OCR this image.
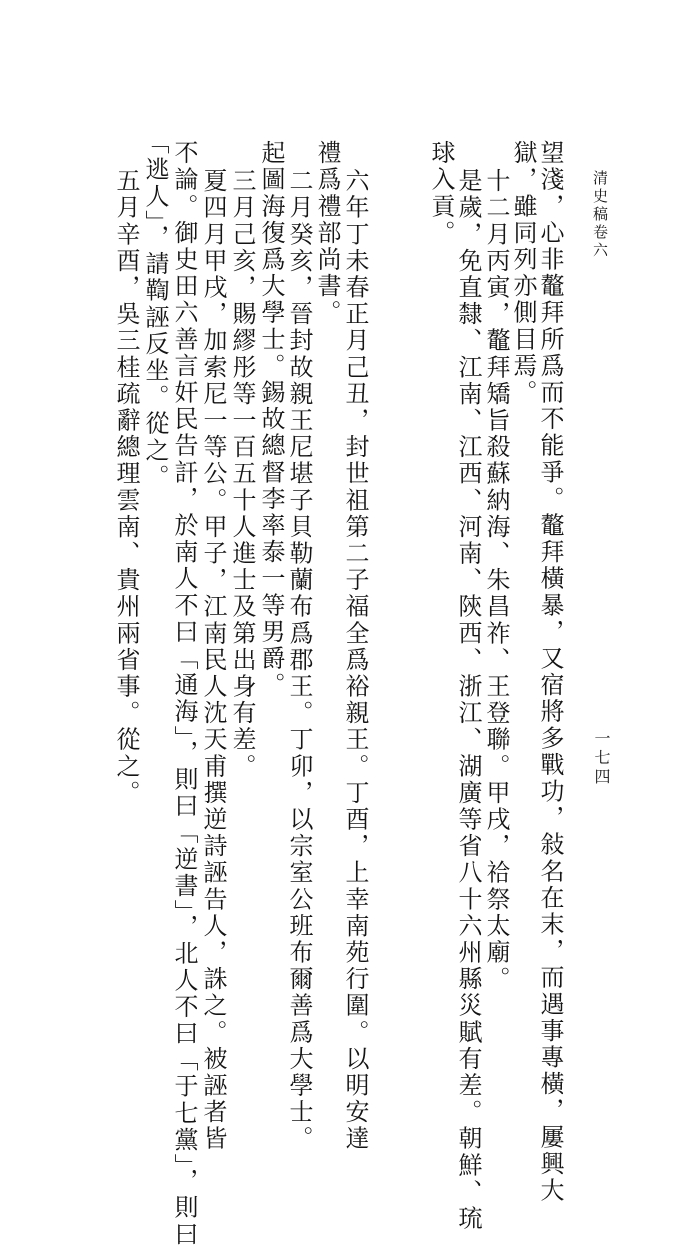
清史稿卷六
一七四
望淺，心非鼇拜所爲而不能爭。鼇拜橫暴，又宿將多戰功，敍名在末，而遇事專橫，屢興大
獄，雖同列亦側目焉。
十二月丙寅，鼇拜矯旨殺蘇納海、朱昌祚、王登聯。甲戌，祫祭太廟。
是歲，免直隸、江南、江西、河南、陝西、浙江、湖廣等省八十六州縣災賦有差。朝鮮、琉
球入貢。
六年丁未春正月己丑，封世祖第二子福全爲裕親王。丁酉，上幸南苑行圍。以明安達
禮爲禮部尚書。
二月癸亥，晉封故親王尼堪子貝勒蘭布爲郡王。丁卯，以宗室公班布爾善爲大學士。
起圖海復爲大學士。錫故總督李率泰一等男爵。
三月己亥，賜繆彤等一百五十人進士及第出身有差。
夏四月甲戌，加索尼一等公。甲子，江南民人沈天甫撰逆詩誣告人，誅之。被誣者皆
不論。御史田六善言奸民告訐，於南人不曰「通海」，則曰「逆書」，北人不曰「于七黨」，則曰
「逃人」，請鞫誣反坐。從之。
五月辛酉，吳三桂疏辭總理雲南、貴州兩省事。從之。
